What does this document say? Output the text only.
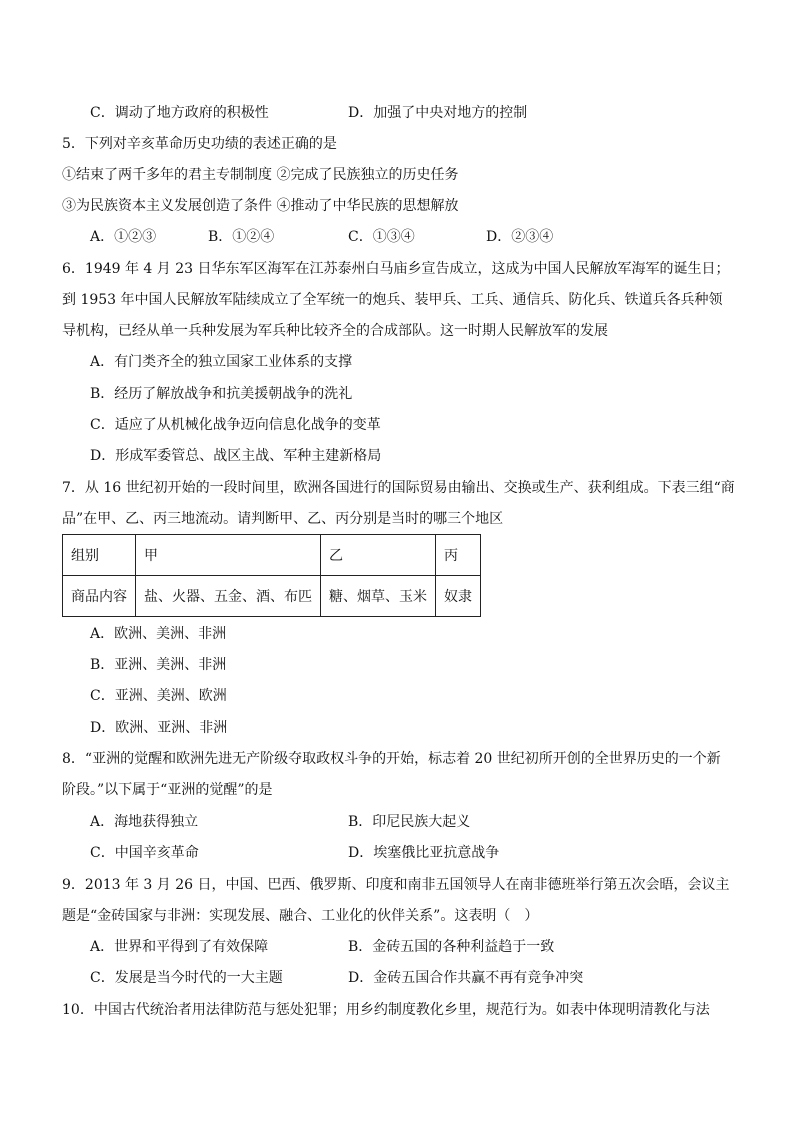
C．调动了地方政府的积极性	D．加强了中央对地方的控制
5．下列对辛亥革命历史功绩的表述正确的是
①结束了两千多年的君主专制制度 ②完成了民族独立的历史任务
③为民族资本主义发展创造了条件 ④推动了中华民族的思想解放
A．①②③	B．①②④	C．①③④	D．②③④
6．1949 年 4 月 23 日华东军区海军在江苏泰州白马庙乡宣告成立，这成为中国人民解放军海军的诞生日；
到 1953 年中国人民解放军陆续成立了全军统一的炮兵、装甲兵、工兵、通信兵、防化兵、铁道兵各兵种领
导机构，已经从单一兵种发展为军兵种比较齐全的合成部队。这一时期人民解放军的发展
A．有门类齐全的独立国家工业体系的支撑
B．经历了解放战争和抗美援朝战争的洗礼
C．适应了从机械化战争迈向信息化战争的变革
D．形成军委管总、战区主战、军种主建新格局
7．从 16 世纪初开始的一段时间里，欧洲各国进行的国际贸易由输出、交换或生产、获利组成。下表三组“商
品”在甲、乙、丙三地流动。请判断甲、乙、丙分别是当时的哪三个地区
组别	甲	乙	丙
商品内容	盐、火器、五金、酒、布匹	糖、烟草、玉米	奴隶
A．欧洲、美洲、非洲
B．亚洲、美洲、非洲
C．亚洲、美洲、欧洲
D．欧洲、亚洲、非洲
8．“亚洲的觉醒和欧洲先进无产阶级夺取政权斗争的开始，标志着 20 世纪初所开创的全世界历史的一个新
阶段。”以下属于“亚洲的觉醒”的是
A．海地获得独立	B．印尼民族大起义
C．中国辛亥革命	D．埃塞俄比亚抗意战争
9．2013 年 3 月 26 日，中国、巴西、俄罗斯、印度和南非五国领导人在南非德班举行第五次会晤，会议主
题是“金砖国家与非洲：实现发展、融合、工业化的伙伴关系”。这表明（　）
A．世界和平得到了有效保障	B．金砖五国的各种利益趋于一致
C．发展是当今时代的一大主题	D．金砖五国合作共赢不再有竞争冲突
10．中国古代统治者用法律防范与惩处犯罪；用乡约制度教化乡里，规范行为。如表中体现明清教化与法
